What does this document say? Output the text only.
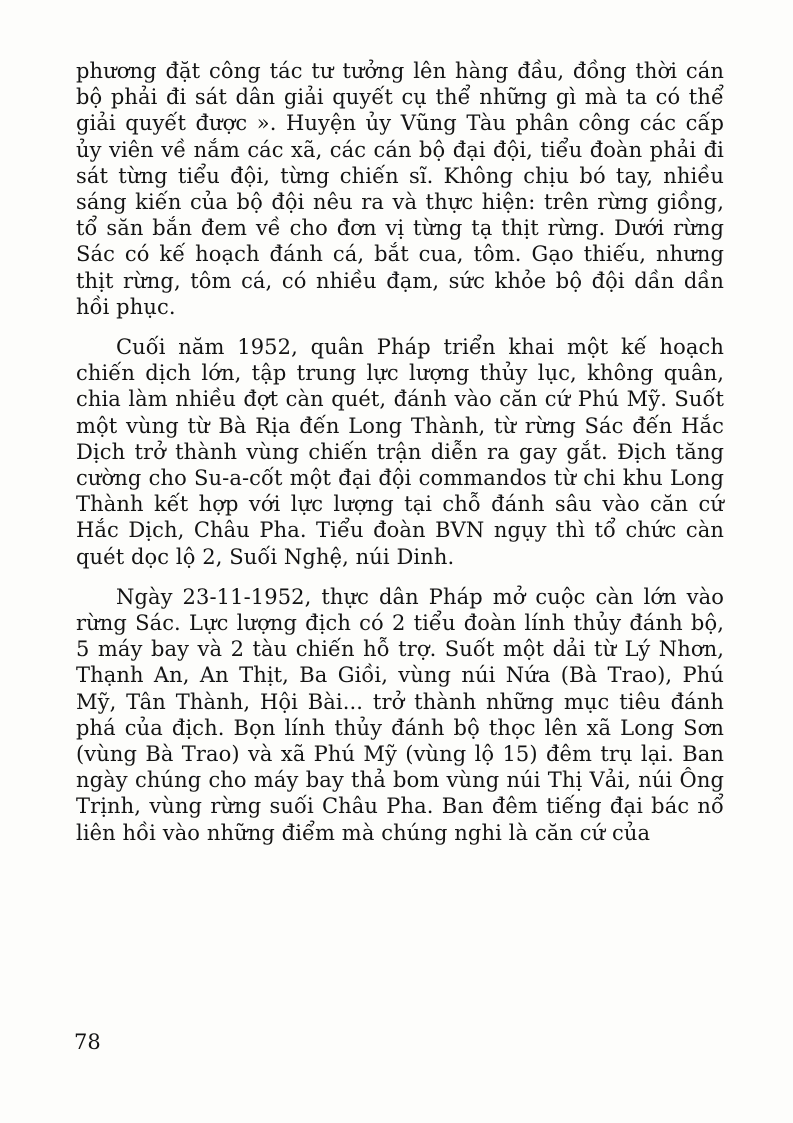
phương đặt công tác tư tưởng lên hàng đầu, đồng thời cán bộ phải đi sát dân giải quyết cụ thể những gì mà ta có thể giải quyết được ». Huyện ủy Vũng Tàu phân công các cấp ủy viên về nắm các xã, các cán bộ đại đội, tiểu đoàn phải đi sát từng tiểu đội, từng chiến sĩ. Không chịu bó tay, nhiều sáng kiến của bộ đội nêu ra và thực hiện: trên rừng giồng, tổ săn bắn đem về cho đơn vị từng tạ thịt rừng. Dưới rừng Sác có kế hoạch đánh cá, bắt cua, tôm. Gạo thiếu, nhưng thịt rừng, tôm cá, có nhiều đạm, sức khỏe bộ đội dần dần hồi phục.

Cuối năm 1952, quân Pháp triển khai một kế hoạch chiến dịch lớn, tập trung lực lượng thủy lục, không quân, chia làm nhiều đợt càn quét, đánh vào căn cứ Phú Mỹ. Suốt một vùng từ Bà Rịa đến Long Thành, từ rừng Sác đến Hắc Dịch trở thành vùng chiến trận diễn ra gay gắt. Địch tăng cường cho Su-a-cốt một đại đội commandos từ chi khu Long Thành kết hợp với lực lượng tại chỗ đánh sâu vào căn cứ Hắc Dịch, Châu Pha. Tiểu đoàn BVN ngụy thì tổ chức càn quét dọc lộ 2, Suối Nghệ, núi Dinh.

Ngày 23-11-1952, thực dân Pháp mở cuộc càn lớn vào rừng Sác. Lực lượng địch có 2 tiểu đoàn lính thủy đánh bộ, 5 máy bay và 2 tàu chiến hỗ trợ. Suốt một dải từ Lý Nhơn, Thạnh An, An Thịt, Ba Giồi, vùng núi Nứa (Bà Trao), Phú Mỹ, Tân Thành, Hội Bài... trở thành những mục tiêu đánh phá của địch. Bọn lính thủy đánh bộ thọc lên xã Long Sơn (vùng Bà Trao) và xã Phú Mỹ (vùng lộ 15) đêm trụ lại. Ban ngày chúng cho máy bay thả bom vùng núi Thị Vải, núi Ông Trịnh, vùng rừng suối Châu Pha. Ban đêm tiếng đại bác nổ liên hồi vào những điểm mà chúng nghi là căn cứ của

78
